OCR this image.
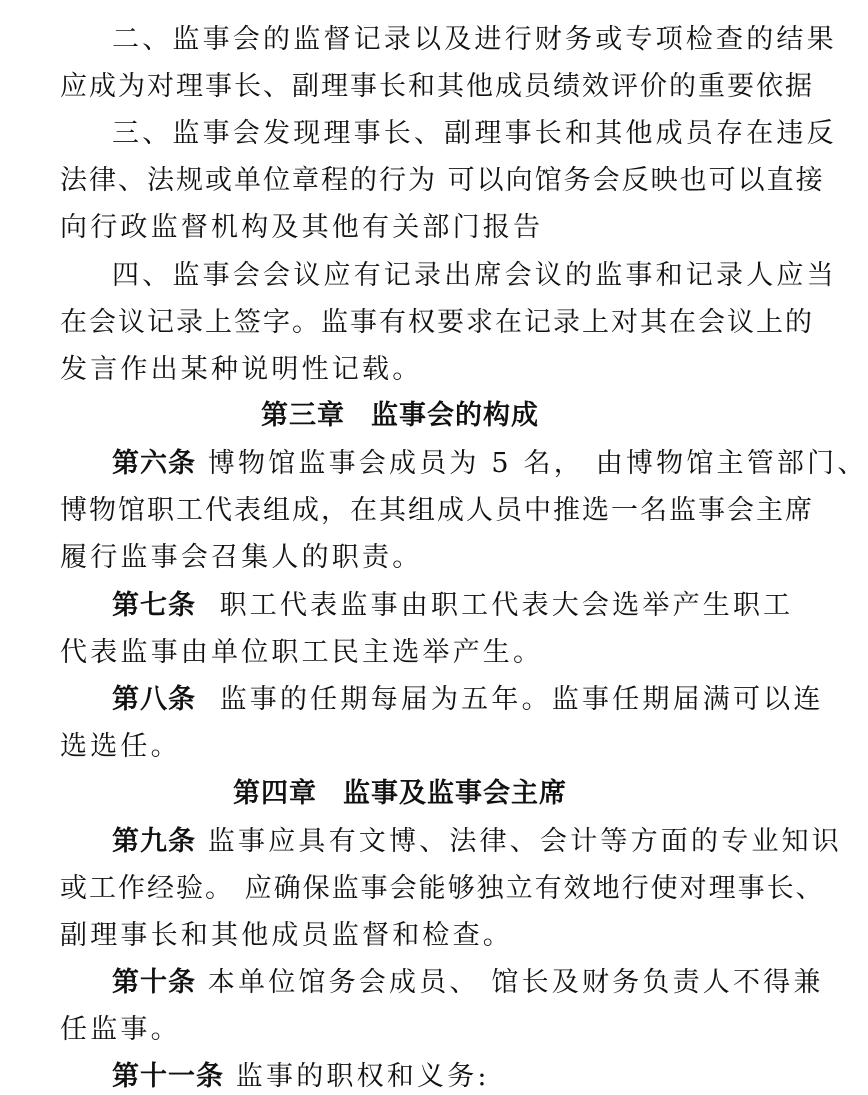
二、监事会的监督记录以及进行财务或专项检查的结果
应成为对理事长、副理事长和其他成员绩效评价的重要依据
三、监事会发现理事长、副理事长和其他成员存在违反
法律、法规或单位章程的行为 可以向馆务会反映也可以直接
向行政监督机构及其他有关部门报告
四、监事会会议应有记录出席会议的监事和记录人应当
在会议记录上签字。监事有权要求在记录上对其在会议上的
发言作出某种说明性记载。
第三章 监事会的构成
第六条 博物馆监事会成员为 5 名， 由博物馆主管部门、
博物馆职工代表组成，在其组成人员中推选一名监事会主席
履行监事会召集人的职责。
第七条 职工代表监事由职工代表大会选举产生职工
代表监事由单位职工民主选举产生。
第八条 监事的任期每届为五年。监事任期届满可以连
选选任。
第四章 监事及监事会主席
第九条 监事应具有文博、法律、会计等方面的专业知识
或工作经验。 应确保监事会能够独立有效地行使对理事长、
副理事长和其他成员监督和检查。
第十条 本单位馆务会成员、 馆长及财务负责人不得兼
任监事。
第十一条 监事的职权和义务:
